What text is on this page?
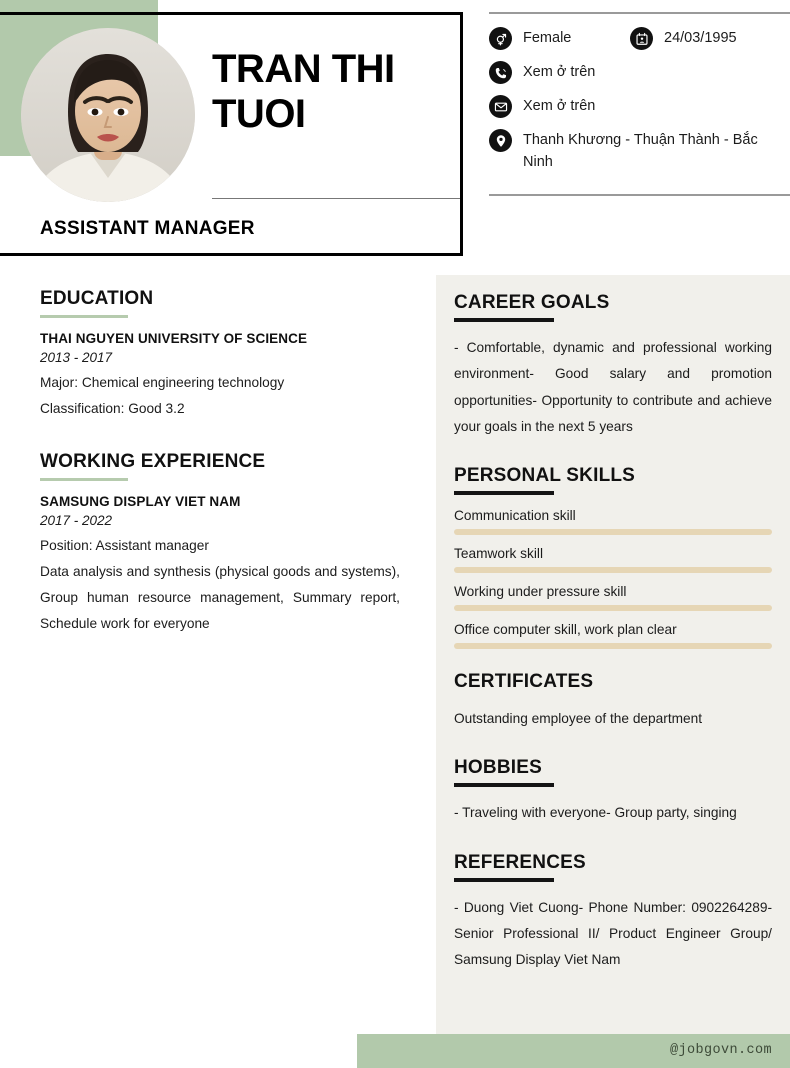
TRAN THI TUOI
ASSISTANT MANAGER
Female	24/03/1995
Xem ở trên
Xem ở trên
Thanh Khương - Thuận Thành - Bắc Ninh
EDUCATION
THAI NGUYEN UNIVERSITY OF SCIENCE
2013 - 2017
Major: Chemical engineering technology
Classification: Good 3.2
WORKING EXPERIENCE
SAMSUNG DISPLAY VIET NAM
2017 - 2022
Position: Assistant manager
Data analysis and synthesis (physical goods and systems), Group human resource management, Summary report, Schedule work for everyone
CAREER GOALS
- Comfortable, dynamic and professional working environment- Good salary and promotion opportunities- Opportunity to contribute and achieve your goals in the next 5 years
PERSONAL SKILLS
Communication skill
Teamwork skill
Working under pressure skill
Office computer skill, work plan clear
CERTIFICATES
Outstanding employee of the department
HOBBIES
- Traveling with everyone- Group party, singing
REFERENCES
- Duong Viet Cuong- Phone Number: 0902264289- Senior Professional II/ Product Engineer Group/ Samsung Display Viet Nam
@jobgovn.com
